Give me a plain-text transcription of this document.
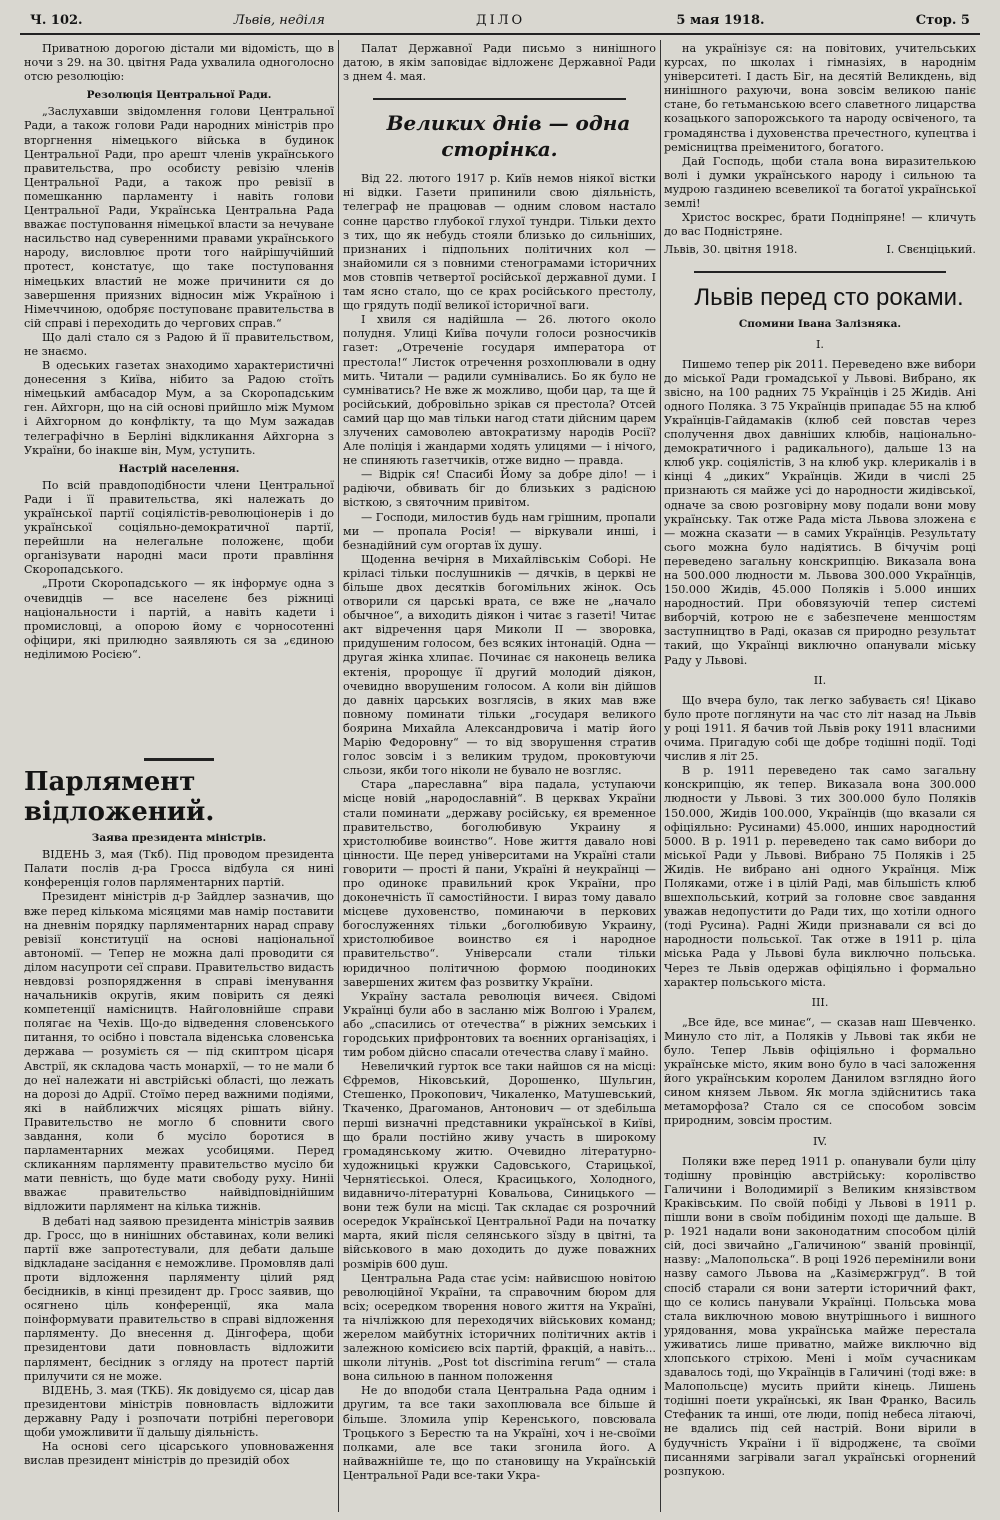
Ч. 102.	Львів, неділя	ДІЛО	5 мая 1918.	Стор. 5

Приватною дорогою дістали ми відомість, що в ночи з 29. на 30. цвітня Рада ухвалила одноголосно отсю резолюцію:

Резолюція Центральної Ради.

„Заслухавши звідомлення голови Центральної Ради, а також голови Ради народних міністрів про вторгнення німецького війська в будинок Центральної Ради, про арешт членів українського правительства, про особисту ревізію членів Центральної Ради, а також про ревізії в помешканню парламенту і навіть голови Центральної Ради, Українська Центральна Рада вважає поступовання німецької власти за нечуване насильство над суверенними правами українського народу, висловлює проти того найрішучійший протест, констатує, що таке поступовання німецьких властий не може причинити ся до завершення приязних відносин між Україною і Німеччиною, одобряє поступованє правительства в сій справі і переходить до чергових справ.“

Що далі стало ся з Радою й її правительством, не знаємо.

В одеських газетах знаходимо характеристичні донесення з Київа, нібито за Радою стоїть німецький амбасадор Мум, а за Скоропадським ген. Айхгорн, що на сій основі прийшло між Мумом і Айхгорном до конфлікту, та що Мум зажадав телеграфічно в Берліні відкликання Айхгорна з України, бо інакше він, Мум, уступить.

Настрій населення.

По всій правдоподібности члени Центральної Ради і її правительства, які належать до української партії соціялістів-революціонерів і до української соціяльно-демократичної партії, перейшли на нелегальне положенє, щоби організувати народні маси проти правління Скоропадського.

„Проти Скоропадського — як інформує одна з очевидців — все населенє без ріжниці національности і партій, а навіть кадети і промисловці, а опорою йому є чорносотенні офіцири, які прилюдно заявляють ся за „єдиною неділимою Росією“.

Парлямент відложений.

Заява президента міністрів.

ВІДЕНЬ 3, мая (Ткб). Під проводом президента Палати послів д-ра Гросса відбула ся нині конференція голов парляментарних партій.

Президент міністрів д-р Зайдлер зазначив, що вже перед кількома місяцями мав намір поставити на дневнім порядку парляментарних нарад справу ревізії конституції на основі національної автономії. — Тепер не можна далі проводити ся ділом насупроти сеї справи. Правительство видасть невдовзі розпорядження в справі іменування начальників округів, яким повірить ся деякі компетенції намісництв. Найголовнійше справи полягає на Чехів. Що-до відведення словенського питання, то осібно і повстала віденська словенська держава — розумієть ся — під скиптром цісаря Австрії, як складова часть монархії, — то не мали б до неї належати ні австрійські області, що лежать на дорозі до Адрії. Стоїмо перед важними подіями, які в найближчих місяцях рішать війну. Правительство не могло б сповнити свого завдання, коли б мусіло боротися в парламентарних межах усобицями. Перед скликанням парляменту правительство мусіло би мати певність, що буде мати свободу руху. Ниніі вважає правительство найвідповіднійшим відложити парлямент на кілька тижнів.

В дебаті над заявою президента міністрів заявив др. Гросс, що в нинішних обставинах, коли великі партії вже запротестували, для дебати дальше відкладане засідання є неможливе. Промовляв далі проти відложення парляменту цілий ряд бесідників, в кінці президент др. Гросс заявив, що осягнено ціль конференції, яка мала поінформувати правительство в справі відложення парляменту. До внесення д. Дінгофера, щоби президентови дати повновласть відложити парлямент, бесідник з огляду на протест партій прилучити ся не може.

ВІДЕНЬ, 3. мая (ТКБ). Як довідуємо ся, цісар дав президентови міністрів повновласть відложити державну Раду і розпочати потрібні переговори щоби уможливити її дальшу діяльність.

На основі сего цісарського уповноваження вислав президент міністрів до президій обох

Палат Державної Ради письмо з нинішного датою, в якім заповідає відложенє Державної Ради з днем 4. мая.

Великих днів — одна сторінка.

Від 22. лютого 1917 р. Київ немов ніякої вістки ні відки. Газети припинили свою діяльність, телеграф не працював — одним словом настало сонне царство глубокої глухої тундри. Тільки дехто з тих, що як небудь стояли близько до сильніших, признаних і підпольних політичних кол — знайомили ся з повними стенограмами історичних мов стовпів четвертої російської державної думи. І там ясно стало, що се крах російського престолу, що грядуть події великої історичної ваги.

І хвиля ся надійшла — 26. лютого около полудня. Улиці Київа почули голоси розносчиків газет: „Отреченіе государя императора от престола!“ Листок отречення розхоплювали в одну мить. Читали — радили сумнівались. Бо як було не сумніватись? Не вже ж можливо, щоби цар, та ще й російський, добровільно зрікав ся престола? Отсей самий цар що мав тільки нагод стати дійсним царем злучених самоволею автократизму народів Росії? Але поліція і жандарми ходять улицями — і нічого, не спиняють газетчиків, отже видно — правда.

— Відрік ся! Спасибі Йому за добре діло! — і радіючи, обвивать біг до близьких з радісною вісткою, з святочним привітом.

— Господи, милостив будь нам грішним, пропали ми — пропала Росія! — віркували инші, і безнадійний сум огортав їх душу.

Щоденна вечірня в Михайлівськім Соборі. Не кріласі тільки послушників — дячків, в церкві не більше двох десятків богомільних жінок. Ось отворили ся царські врата, се вже не „начало обычное“, а виходить діякон і читає з газеті! Читає акт відречення царя Миколи II — зворовка, придушеним голосом, без всяких інтонацій. Одна — другая жінка хлипає. Починає ся наконець велика ектенія, пророщує її другий молодий діякон, очевидно вворушеним голосом. А коли він дійшов до давніх царських возглясів, в яких мав вже повному поминати тільки „государя великого боярина Михайла Александровича і матір його Марію Федоровну“ — то від зворушення стратив голос зовсім і з великим трудом, проковтуючи сльози, якби того ніколи не бувало не возгляс.

Стара „пареславна“ віра падала, уступаючи місце новій „народославній“. В церквах України стали поминати „державу російську, єя временное правительство, боголюбивую Украину я христолюбиве воинство“. Нове життя давало нові цінности. Ще перед університами на Україні стали говорити — прості й пани, Україні й неукраїнці — про одинокє правильний крок України, про доконечність її самостійности. І вираз тому давало місцеве духовенство, поминаючи в перкових богослуженнях тільки „боголюбивую Украину, христолюбивое воинство єя і народное правительство“. Універсали стали тільки юридичноо політичною формою поодиноких завершених житєм фаз розвитку України.

Україну застала революція вичеєя. Свідомі Українці були або в засланю між Волгою і Уралєм, або „спасились от отечества“ в ріжних земських і городських прифронтових та воєнних організаціях, і тим робом дійсно спасали отечества славу ї майно.

Невеличкий гурток все таки найшов ся на місці: Єфремов, Ніковський, Дорошенко, Шульгин, Стешенко, Прокопович, Чикаленко, Матушевський, Ткаченко, Драгоманов, Антонович — от здебільша перші визначні представники української в Київі, що брали постійно живу участь в широкому громадянському житю. Очевидно літературно-художницькі кружки Садовського, Старицької, Чернятієськоі. Олеся, Красицького, Холодного, видавничо-літературні Ковальова, Синицького — вони теж були на місці. Так складає ся розрочний осередок Української Центральної Ради на початку марта, який після селянського зїзду в цвітні, та військового в маю доходить до дуже поважних розмірів 600 душ.

Центральна Рада стає усім: найвисшою новітою революційної України, та справочним бюром для всіх; осередком творення нового життя на Україні, та нічліжкою для переходячих військових команд; жерелом майбутніх історичних політичних актів і залежною комісиєю всіх партій, фракцій, а навіть... школи літунів. „Post tot discrimina rerum“ — стала вона сильною в панном положення

Не до вподоби стала Центральна Рада одним і другим, та все таки захоплювала все більше й більше. Зломила упір Керенського, повсювала Троцького з Берестю та на Україні, хоч і не-своїми полками, але все таки згонила його. А найважнійше те, що по становищу на Українській Центральної Ради все-таки Укра-

на українізує ся: на повітових, учительських курсах, по школах і гімназіях, в народнім університеті. І дасть Біг, на десятій Великдень, від нинішного рахуючи, вона зовсім великою паніє стане, бо гетьманською всего славетного лицарства козацького запорожського та народу освіченого, та громадянства і духовенства пречестного, купецтва і ремісництва преіменитого, богатого.

Дай Господь, щоби стала вона виразителькою волі і думки українського народу і сильною та мудрою газдинею всевеликої та богатої української землі!

Христос воскрес, брати Подніпряне! — кличуть до вас Подністряне.

Львів, 30. цвітня 1918.	І. Свєнціцький.

Львів перед сто роками.

Спомини Івана Залізняка.

I.

Пишемо тепер рік 2011. Переведено вже вибори до міської Ради громадської у Львові. Вибрано, як звісно, на 100 радних 75 Українців і 25 Жидів. Ані одного Поляка. З 75 Українців припадає 55 на клюб Українців-Гайдамаків (клюб сей повстав через сполучення двох давніших клюбів, національно-демократичного і радикального), дальше 13 на клюб укр. соціялістів, 3 на клюб укр. клерикалів і в кінці 4 „диких“ Українців. Жиди в числі 25 признають ся майже усі до народности жидівської, одначе за свою розговірну мову подали вони мову українську. Так отже Рада міста Львова зложена є — можна сказати — в самих Українців. Результату сього можна було надіятись. В бічучім році переведено загальну конскрипцію. Виказала вона на 500.000 людности м. Львова 300.000 Українців, 150.000 Жидів, 45.000 Поляків і 5.000 инших народностий. При обовязуючій тепер системі виборчій, котрою не є забезпечене меншостям заступництво в Раді, оказав ся природно результат такий, що Українці виключно опанували міську Раду у Львові.

II.

Що вчера було, так легко забуваєть ся! Цікаво було проте поглянути на час сто літ назад на Львів у році 1911. Я бачив той Львів року 1911 власними очима. Пригадую собі ще добре тодішні події. Тоді числив я літ 25.

В р. 1911 переведено так само загальну конскрипцію, як тепер. Виказала вона 300.000 людности у Львові. З тих 300.000 було Поляків 150.000, Жидів 100.000, Українців (що вказали ся офіціяльно: Русинами) 45.000, инших народностий 5000. В р. 1911 р. переведено так само вибори до міської Ради у Львові. Вибрано 75 Поляків і 25 Жидів. Не вибрано ані одного Українця. Між Поляками, отже і в цілій Раді, мав більшість клюб вшехпольський, котрий за головне своє завдання уважав недопустити до Ради тих, що хотіли одного (тоді Русина). Радні Жиди признавали ся всі до народности польської. Так отже в 1911 р. ціла міська Рада у Львові була виключно польська. Через те Львів одержав офіціяльно і формально характер польського міста.

III.

„Все йде, все минає“, — сказав наш Шевченко. Минуло сто літ, а Поляків у Львові так якби не було. Тепер Львів офіціяльно і формально українське місто, яким воно було в часі заложення його українським королем Данилом взглядно його сином князем Львом. Як могла здійснитись така метаморфоза? Стало ся се способом зовсім природним, зовсім простим.

IV.

Поляки вже перед 1911 р. опанували були цілу тодішну провінцію австрійську: королівство Галичини і Володимирії з Великим князівством Краківським. По своїй побіді у Львові в 1911 р. пішли вони в своїм побідинім поході ще дальше. В р. 1921 надали вони законодатним способом цілій сій, досі звичайно „Галичиною“ званій провінції, назву: „Малопольска“. В році 1926 перемінили вони назву самого Львова на „Казімєржгруд“. В той спосіб старали ся вони затерти історичний факт, що се колись панували Українці. Польська мова стала виключною мовою внутрішнього і вишного урядовання, мова українська майже перестала уживатись лише приватно, майже виключно від хлопського стріхою. Мені і моїм сучасникам здавалось тоді, що Українців в Галичині (тоді вже: в Малопольсце) мусить прийти кінець. Лишень тодішні поети українські, як Іван Франко, Василь Стефаник та инші, оте люди, попід небеса літаючі, не вдались під сей настрій. Вони вірили в будучність України і її відродженє, та своїми писаннями загрівали загал українські огорнений розпукою.
